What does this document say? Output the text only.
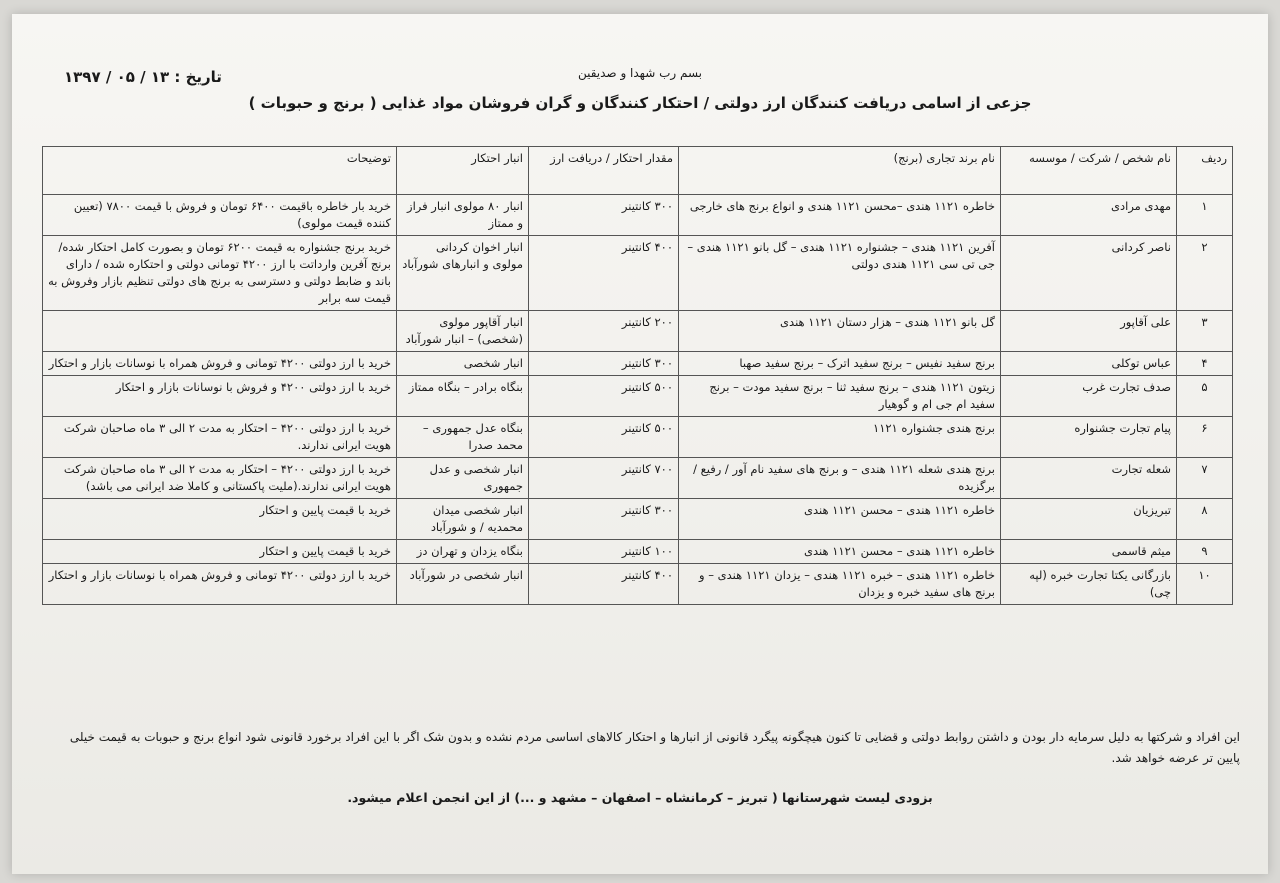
بسم رب شهدا و صدیقین
تاریخ : ۱۳ / ۰۵ / ۱۳۹۷
جزعی از اسامی دریافت کنندگان ارز دولتی / احتکار کنندگان و گران فروشان مواد غذایی ( برنج و حبوبات )
ردیف	نام شخص / شرکت / موسسه	نام برند تجاری (برنج)	مقدار احتکار / دریافت ارز	انبار احتکار	توضیحات
۱	مهدی مرادی	خاطره ۱۱۲۱ هندی –محسن ۱۱۲۱ هندی و انواع برنج های خارجی	۳۰۰ کانتینر	انبار ۸۰ مولوی انبار فراز و ممتاز	خرید بار خاطره باقیمت ۶۴۰۰ تومان و فروش با قیمت ۷۸۰۰ (تعیین کننده قیمت مولوی)
۲	ناصر کردانی	آفرین ۱۱۲۱ هندی – جشنواره ۱۱۲۱ هندی – گل بانو ۱۱۲۱ هندی – جی تی سی ۱۱۲۱ هندی دولتی	۴۰۰ کانتینر	انبار اخوان کردانی مولوی و انبارهای شورآباد	خرید برنج جشنواره به قیمت ۶۲۰۰ تومان و بصورت کامل احتکار شده/برنج آفرین وارداتت با ارز ۴۲۰۰ تومانی دولتی و احتکاره شده / دارای باند و ضابط دولتی و دسترسی به برنج های دولتی تنظیم بازار وفروش به قیمت سه برابر
۳	علی آقاپور	گل بانو ۱۱۲۱ هندی – هزار دستان ۱۱۲۱ هندی	۲۰۰ کانتینر	انبار آقاپور مولوی (شخصی) – انبار شورآباد	
۴	عباس توکلی	برنج سفید نفیس – برنج سفید اترک – برنج سفید صهبا	۳۰۰ کانتینر	انبار شخصی	خرید با ارز دولتی ۴۲۰۰ تومانی و فروش همراه با نوسانات بازار و احتکار
۵	صدف تجارت غرب	زیتون ۱۱۲۱ هندی – برنج سفید ثنا – برنج سفید مودت – برنج سفید ام جی ام و گوهیار	۵۰۰ کانتینر	بنگاه برادر – بنگاه ممتاز	خرید با ارز دولتی ۴۲۰۰ و فروش با نوسانات بازار و احتکار
۶	پیام تجارت جشنواره	برنج هندی جشنواره ۱۱۲۱	۵۰۰ کانتینر	بنگاه عدل جمهوری – محمد صدرا	خرید با ارز دولتی ۴۲۰۰ – احتکار به مدت ۲ الی ۳ ماه صاحبان شرکت هویت ایرانی ندارند.
۷	شعله تجارت	برنج هندی شعله ۱۱۲۱ هندی – و برنج های سفید نام آور / رفیع / برگزیده	۷۰۰ کانتینر	انبار شخصی و عدل جمهوری	خرید با ارز دولتی ۴۲۰۰ – احتکار به مدت ۲ الی ۳ ماه صاحبان شرکت هویت ایرانی ندارند.(ملیت پاکستانی و کاملا ضد ایرانی می باشد)
۸	تبریزیان	خاطره ۱۱۲۱ هندی – محسن ۱۱۲۱ هندی	۳۰۰ کانتینر	انبار شخصی میدان محمدیه / و شورآباد	خرید با قیمت پایین و احتکار
۹	میثم قاسمی	خاطره ۱۱۲۱ هندی – محسن ۱۱۲۱ هندی	۱۰۰ کانتینر	بنگاه یزدان و تهران دز	خرید با قیمت پایین و احتکار
۱۰	بازرگانی یکتا تجارت خبره (لپه چی)	خاطره ۱۱۲۱ هندی – خبره ۱۱۲۱ هندی – یزدان ۱۱۲۱ هندی – و برنج های سفید خبره و یزدان	۴۰۰ کانتینر	انبار شخصی در شورآباد	خرید با ارز دولتی ۴۲۰۰ تومانی و فروش همراه با نوسانات بازار و احتکار
این افراد و شرکتها به دلیل سرمایه دار بودن و داشتن روابط دولتی و قضایی تا کنون هیچگونه پیگرد قانونی از انبارها و احتکار کالاهای اساسی مردم نشده و بدون شک اگر با این افراد برخورد قانونی شود انواع برنج و حبوبات به قیمت خیلی پایین تر عرضه خواهد شد.
بزودی لیست شهرستانها ( تبریز – کرمانشاه – اصفهان – مشهد و ...) از این انجمن اعلام میشود.
